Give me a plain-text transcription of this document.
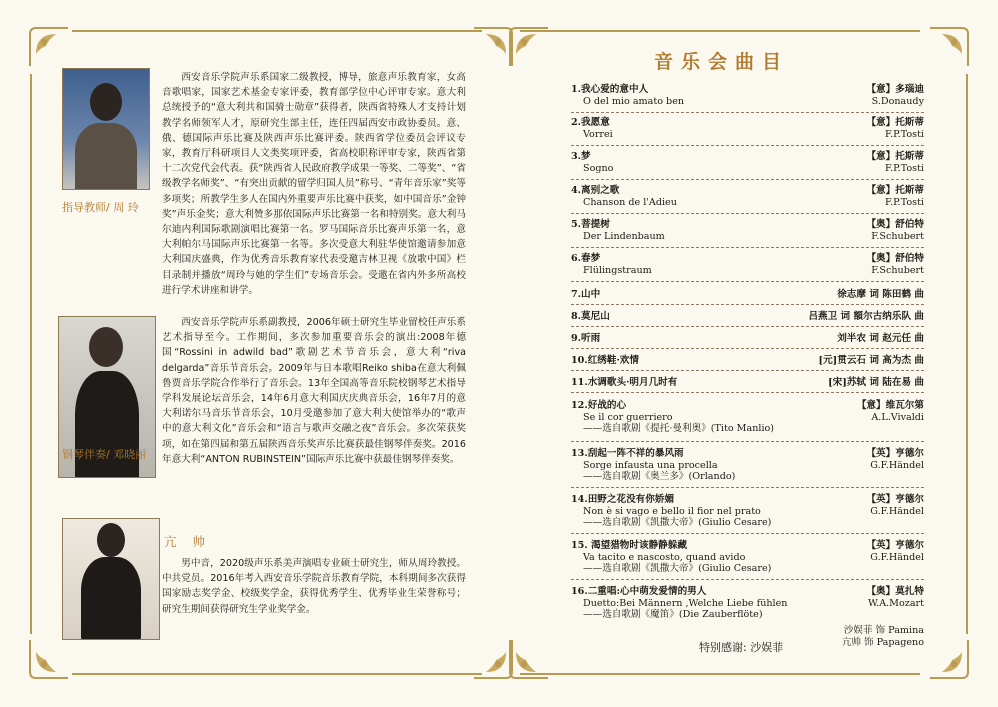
指导教师/ 周 玲
西安音乐学院声乐系国家二级教授，博导，旅意声乐教育家，女高音歌唱家，国家艺术基金专家评委，教育部学位中心评审专家。意大利总统授予的“意大利共和国骑士勋章”获得者，陕西省特殊人才支持计划教学名师领军人才，原研究生部主任，连任四届西安市政协委员。意、俄、德国际声乐比赛及陕西声乐比赛评委。陕西省学位委员会评议专家，教育厅科研项目人文类奖项评委，省高校职称评审专家，陕西省第十二次党代会代表。获“陕西省人民政府教学成果一等奖、二等奖”、“省级教学名师奖”、“有突出贡献的留学归国人员”称号、“青年音乐家”奖等多项奖；所教学生多人在国内外重要声乐比赛中获奖，如中国音乐”金钟奖”声乐金奖；意大利赞多那依国际声乐比赛第一名和特别奖。意大利马尔迪内利国际歌剧演唱比赛第一名。罗马国际音乐比赛声乐第一名，意大利帕尔马国际声乐比赛第一名等。多次受意大利驻华使馆邀请参加意大利国庆盛典，作为优秀音乐教育家代表受邀吉林卫视《放歌中国》栏目录制并播放“周玲与她的学生们”专场音乐会。受邀在省内外多所高校进行学术讲座和讲学。
钢琴伴奏/ 邓晓丽
西安音乐学院声乐系副教授，2006年硕士研究生毕业留校任声乐系艺术指导至今。工作期间，多次参加重要音乐会的演出:2008年德国“Rossini in adwild bad”歌剧艺术节音乐会，意大利“riva delgarda”音乐节音乐会。2009年与日本歌唱Reiko shiba在意大利佩鲁贾音乐学院合作举行了音乐会。13年全国高等音乐院校钢琴艺术指导学科发展论坛音乐会，14年6月意大利国庆庆典音乐会，16年7月的意大利诺尔马音乐节音乐会，10月受邀参加了意大利大使馆举办的“歌声中的意大利文化”音乐会和“语言与歌声交融之夜”音乐会。多次荣获奖项，如在第四届和第五届陕西音乐奖声乐比赛获最佳钢琴伴奏奖。2016年意大利“ANTON RUBINSTEIN”国际声乐比赛中获最佳钢琴伴奏奖。
亢 帅
男中音，2020级声乐系美声演唱专业硕士研究生，师从周玲教授。中共党员。2016年考入西安音乐学院音乐教育学院，本科期间多次获得国家励志奖学金、校级奖学金，获得优秀学生、优秀毕业生荣誉称号；研究生期间获得研究生学业奖学金。
音乐会曲目
1.我心爱的意中人
O del mio amato ben
【意】多瑙迪
S.Donaudy
2.我愿意
Vorrei
【意】托斯蒂
F.P.Tosti
3.梦
Sogno
【意】托斯蒂
F.P.Tosti
4.离别之歌
Chanson de l'Adieu
【意】托斯蒂
F.P.Tosti
5.菩提树
Der Lindenbaum
【奥】舒伯特
F.Schubert
6.春梦
Flülingstraum
【奥】舒伯特
F.Schubert
7.山中	徐志摩 词 陈田鹤 曲
8.莫尼山	吕燕卫 词 額尔古纳乐队 曲
9.听雨	刘半农 词 赵元任 曲
10.红绣鞋·欢情	[元]贯云石 词 高为杰 曲
11.水调歌头·明月几时有	[宋]苏轼 词 陆在易 曲
12.好战的心
Se il cor guerriero
——选自歌剧《提托·曼利奥》(Tito Manlio)
【意】维瓦尔第
A.L.Vivaldi
13.刮起一阵不祥的暴风雨
Sorge infausta una procella
——选自歌剧《奥兰多》(Orlando)
【英】亨德尔
G.F.Händel
14.田野之花没有你娇媚
Non è si vago e bello il fior nel prato
——选自歌剧《凯撒大帝》(Giulio Cesare)
【英】亨德尔
G.F.Händel
15. 渴望猎物时该静静躲藏
Va tacito e nascosto, quand avido
——选自歌剧《凯撒大帝》(Giulio Cesare)
【英】亨德尔
G.F.Händel
16.二重唱:心中萌发爱情的男人
Duetto:Bei Männern ,Welche Liebe fühlen
——选自歌剧《魔笛》(Die Zauberflöte)
【奥】莫扎特
W.A.Mozart
沙娱菲 饰 Pamina
亢帅 饰 Papageno
特别感谢: 沙娱菲
